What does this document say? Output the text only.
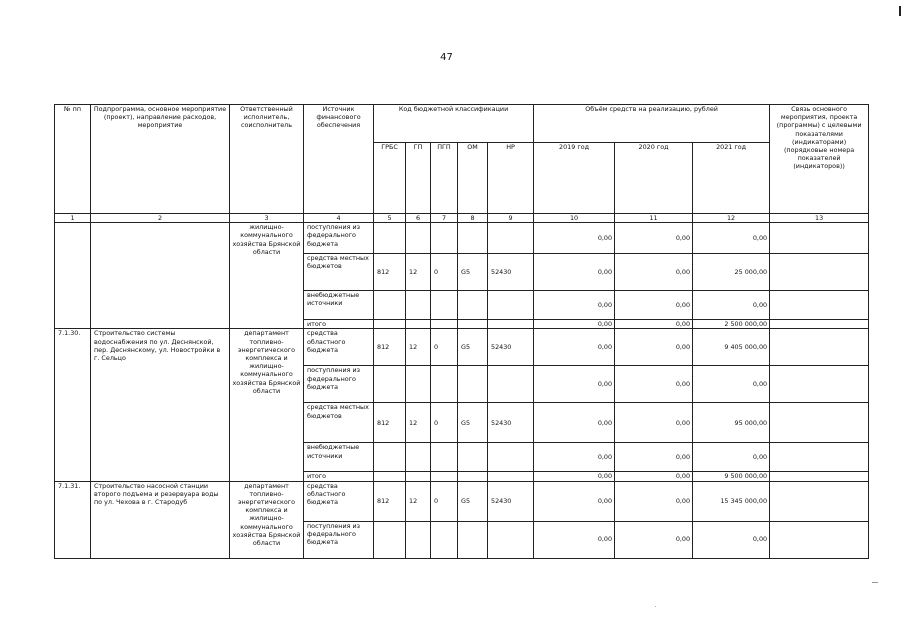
47
№ пп	Подпрограмма, основное мероприятие (проект), направление расходов, мероприятие	Ответственный исполнитель, соисполнитель	Источник финансового обеспечения	Код бюджетной классификации					Объём средств на реализацию, рублей			Связь основного мероприятия, проекта (программы) с целевыми показателями (индикаторами) (порядковые номера показателей (индикаторов))
				ГРБС	ГП	ПГП	ОМ	НР	2019 год	2020 год	2021 год	
1	2	3	4	5	6	7	8	9	10	11	12	13
		жилищно-коммунального хозяйства Брянской области	поступления из федерального бюджета						0,00	0,00	0,00	
			средства местных бюджетов	812	12	0	G5	52430	0,00	0,00	25 000,00	
			внебюджетные источники						0,00	0,00	0,00	
			итого						0,00	0,00	2 500 000,00	
7.1.30.	Строительство системы водоснабжения по ул. Деснянской, пер. Деснянскому, ул. Новостройки в г. Сельцо	департамент топливно-энергетического комплекса и жилищно-коммунального хозяйства Брянской области	средства областного бюджета	812	12	0	G5	52430	0,00	0,00	9 405 000,00	
			поступления из федерального бюджета						0,00	0,00	0,00	
			средства местных бюджетов	812	12	0	G5	52430	0,00	0,00	95 000,00	
			внебюджетные источники						0,00	0,00	0,00	
			итого						0,00	0,00	9 500 000,00	
7.1.31.	Строительство насосной станции второго подъема и резервуара воды по ул. Чехова в г. Стародуб	департамент топливно-энергетического комплекса и жилищно-коммунального хозяйства Брянской области	средства областного бюджета	812	12	0	G5	52430	0,00	0,00	15 345 000,00	
			поступления из федерального бюджета						0,00	0,00	0,00	
